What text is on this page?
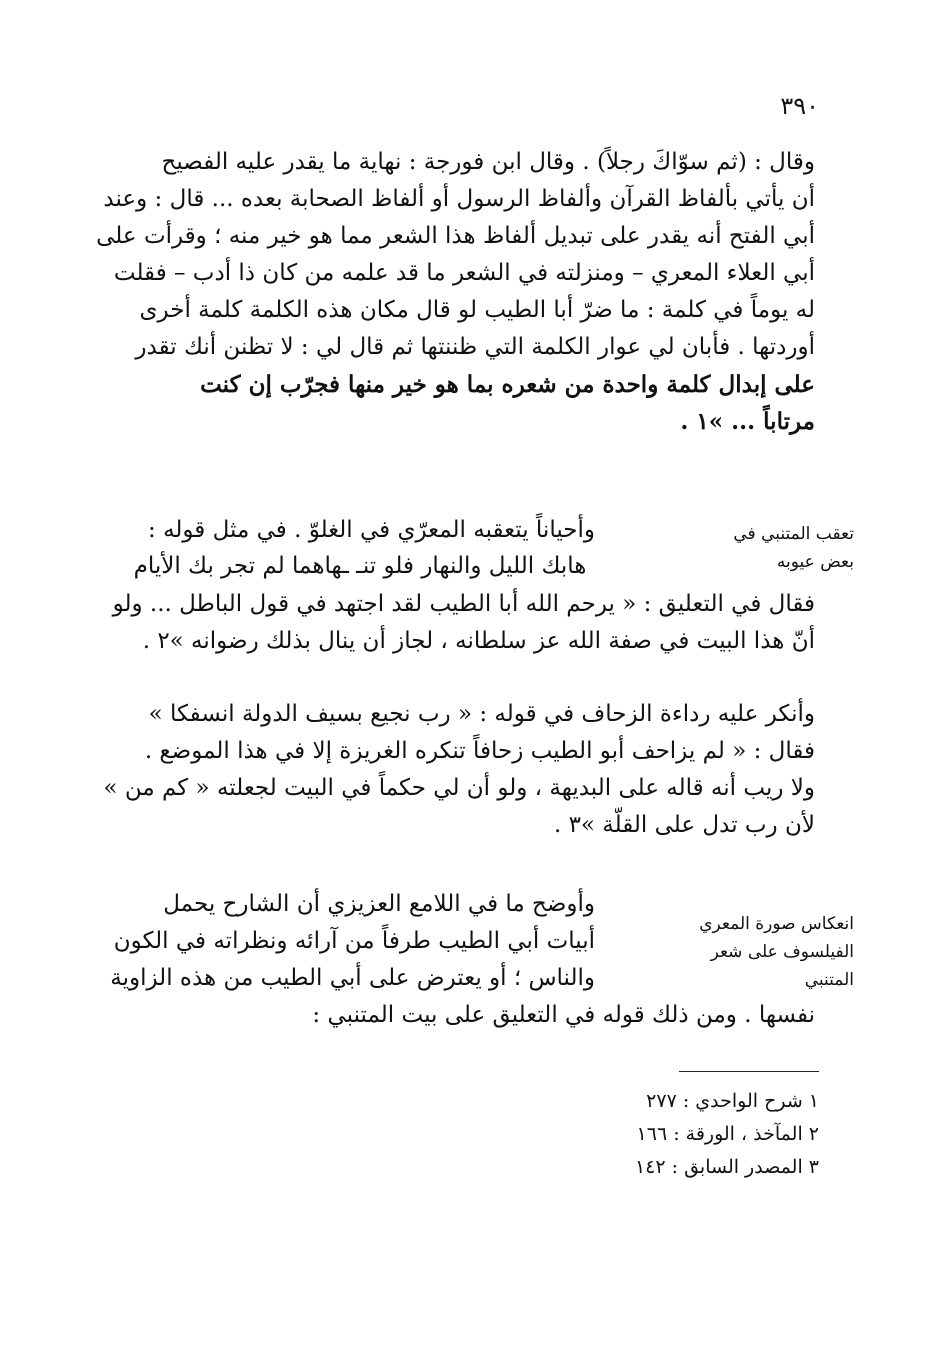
٣٩٠
وقال : (ثم سوّاكَ رجلاً) . وقال ابن فورجة : نهاية ما يقدر عليه الفصيح
أن يأتي بألفاظ القرآن وألفاظ الرسول أو ألفاظ الصحابة بعده ... قال : وعند
أبي الفتح أنه يقدر على تبديل ألفاظ هذا الشعر مما هو خير منه ؛ وقرأت على
أبي العلاء المعري – ومنزلته في الشعر ما قد علمه من كان ذا أدب – فقلت
له يوماً في كلمة : ما ضرّ أبا الطيب لو قال مكان هذه الكلمة كلمة أخرى
أوردتها . فأبان لي عوار الكلمة التي ظننتها ثم قال لي : لا تظنن أنك تقدر
على إبدال كلمة واحدة من شعره بما هو خير منها فجرّب إن كنت
مرتاباً ... »١ .
تعقب المتنبي في
بعض عيوبه
وأحياناً يتعقبه المعرّي في الغلوّ . في مثل قوله :
هابك الليل والنهار فلو تنـ ـهاهما لم تجر بك الأيام
فقال في التعليق : « يرحم الله أبا الطيب لقد اجتهد في قول الباطل ... ولو
أنّ هذا البيت في صفة الله عز سلطانه ، لجاز أن ينال بذلك رضوانه »٢ .
وأنكر عليه رداءة الزحاف في قوله : « رب نجيع بسيف الدولة انسفكا »
فقال : « لم يزاحف أبو الطيب زحافاً تنكره الغريزة إلا في هذا الموضع .
ولا ريب أنه قاله على البديهة ، ولو أن لي حكماً في البيت لجعلته « كم من »
لأن رب تدل على القلّة »٣ .
انعكاس صورة المعري
الفيلسوف على شعر المتنبي
وأوضح ما في اللامع العزيزي أن الشارح يحمل
أبيات أبي الطيب طرفاً من آرائه ونظراته في الكون
والناس ؛ أو يعترض على أبي الطيب من هذه الزاوية
نفسها . ومن ذلك قوله في التعليق على بيت المتنبي :
١ شرح الواحدي : ٢٧٧
٢ المآخذ ، الورقة : ١٦٦
٣ المصدر السابق : ١٤٢
